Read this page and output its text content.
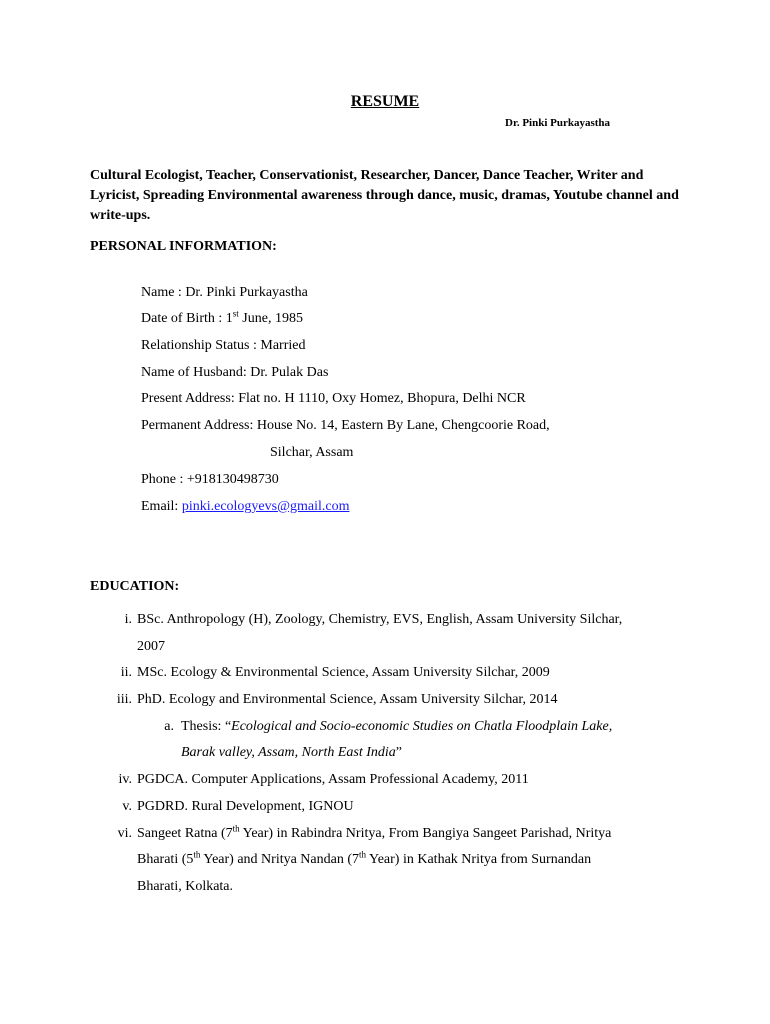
RESUME
Dr. Pinki Purkayastha
Cultural Ecologist, Teacher, Conservationist, Researcher, Dancer, Dance Teacher, Writer and Lyricist, Spreading Environmental awareness through dance, music, dramas, Youtube channel and write-ups.
PERSONAL INFORMATION:
Name : Dr. Pinki Purkayastha
Date of Birth : 1st June, 1985
Relationship Status : Married
Name of Husband: Dr. Pulak Das
Present Address: Flat no. H 1110, Oxy Homez, Bhopura, Delhi NCR
Permanent Address: House No. 14, Eastern By Lane, Chengcoorie Road,
Silchar, Assam
Phone : +918130498730
Email: pinki.ecologyevs@gmail.com
EDUCATION:
i. BSc. Anthropology (H), Zoology, Chemistry, EVS, English, Assam University Silchar,
2007
ii. MSc. Ecology & Environmental Science, Assam University Silchar, 2009
iii. PhD. Ecology and Environmental Science, Assam University Silchar, 2014
a. Thesis: “Ecological and Socio-economic Studies on Chatla Floodplain Lake,
Barak valley, Assam, North East India”
iv. PGDCA. Computer Applications, Assam Professional Academy, 2011
v. PGDRD. Rural Development, IGNOU
vi. Sangeet Ratna (7th Year) in Rabindra Nritya, From Bangiya Sangeet Parishad, Nritya
Bharati (5th Year) and Nritya Nandan (7th Year) in Kathak Nritya from Surnandan
Bharati, Kolkata.
